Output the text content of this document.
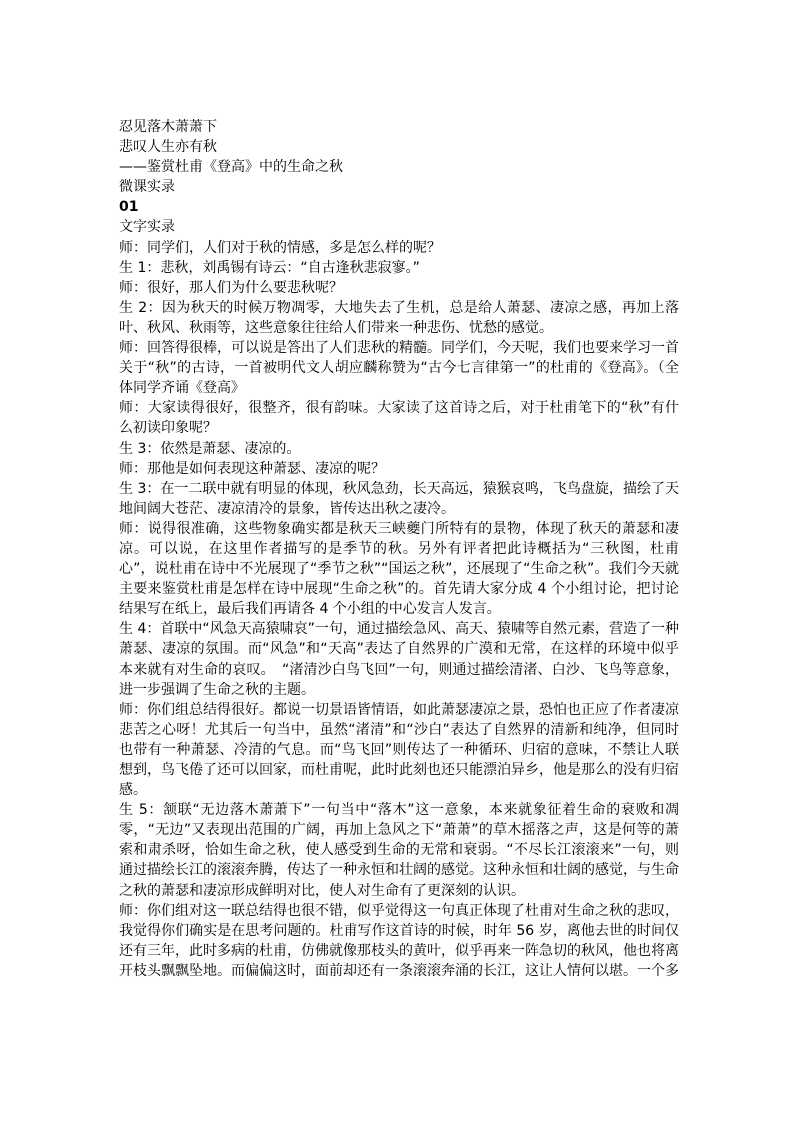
忍见落木萧萧下

悲叹人生亦有秋

——鉴赏杜甫《登高》中的生命之秋

微课实录

01

文字实录

师：同学们，人们对于秋的情感，多是怎么样的呢？

生 1：悲秋，刘禹锡有诗云：“自古逢秋悲寂寥。”

师：很好，那人们为什么要悲秋呢？

生 2：因为秋天的时候万物凋零，大地失去了生机，总是给人萧瑟、凄凉之感，再加上落叶、秋风、秋雨等，这些意象往往给人们带来一种悲伤、忧愁的感觉。

师：回答得很棒，可以说是答出了人们悲秋的精髓。同学们，今天呢，我们也要来学习一首关于“秋”的古诗，一首被明代文人胡应麟称赞为“古今七言律第一”的杜甫的《登高》。（全体同学齐诵《登高》

师：大家读得很好，很整齐，很有韵味。大家读了这首诗之后，对于杜甫笔下的“秋”有什么初读印象呢？

生 3：依然是萧瑟、凄凉的。

师：那他是如何表现这种萧瑟、凄凉的呢？

生 3：在一二联中就有明显的体现，秋风急劲，长天高远，猿猴哀鸣，飞鸟盘旋，描绘了天地间阔大苍茫、凄凉清冷的景象，皆传达出秋之凄冷。

师：说得很准确，这些物象确实都是秋天三峡夔门所特有的景物，体现了秋天的萧瑟和凄凉。可以说，在这里作者描写的是季节的秋。另外有评者把此诗概括为“三秋图，杜甫心”，说杜甫在诗中不光展现了“季节之秋”“国运之秋”，还展现了“生命之秋”。我们今天就主要来鉴赏杜甫是怎样在诗中展现“生命之秋”的。首先请大家分成 4 个小组讨论，把讨论结果写在纸上，最后我们再请各 4 个小组的中心发言人发言。

生 4：首联中“风急天高猿啸哀”一句，通过描绘急风、高天、猿啸等自然元素，营造了一种萧瑟、凄凉的氛围。而“风急”和“天高”表达了自然界的广漠和无常，在这样的环境中似乎本来就有对生命的哀叹。　“渚清沙白鸟飞回”一句，则通过描绘清渚、白沙、飞鸟等意象，进一步强调了生命之秋的主题。

师：你们组总结得很好。都说一切景语皆情语，如此萧瑟凄凉之景，恐怕也正应了作者凄凉悲苦之心呀！尤其后一句当中，虽然“渚清”和“沙白”表达了自然界的清新和纯净，但同时也带有一种萧瑟、冷清的气息。而“鸟飞回”则传达了一种循环、归宿的意味，不禁让人联想到，鸟飞倦了还可以回家，而杜甫呢，此时此刻也还只能漂泊异乡，他是那么的没有归宿感。

生 5：颔联“无边落木萧萧下”一句当中“落木”这一意象，本来就象征着生命的衰败和凋零，“无边”又表现出范围的广阔，再加上急风之下“萧萧”的草木摇落之声，这是何等的萧索和肃杀呀，恰如生命之秋，使人感受到生命的无常和衰弱。“不尽长江滚滚来”一句，则通过描绘长江的滚滚奔腾，传达了一种永恒和壮阔的感觉。这种永恒和壮阔的感觉，与生命之秋的萧瑟和凄凉形成鲜明对比，使人对生命有了更深刻的认识。

师：你们组对这一联总结得也很不错，似乎觉得这一句真正体现了杜甫对生命之秋的悲叹，我觉得你们确实是在思考问题的。杜甫写作这首诗的时候，时年 56 岁，离他去世的时间仅还有三年，此时多病的杜甫，仿佛就像那枝头的黄叶，似乎再来一阵急切的秋风，他也将离开枝头飘飘坠地。而偏偏这时，面前却还有一条滚滚奔涌的长江，这让人情何以堪。一个多
